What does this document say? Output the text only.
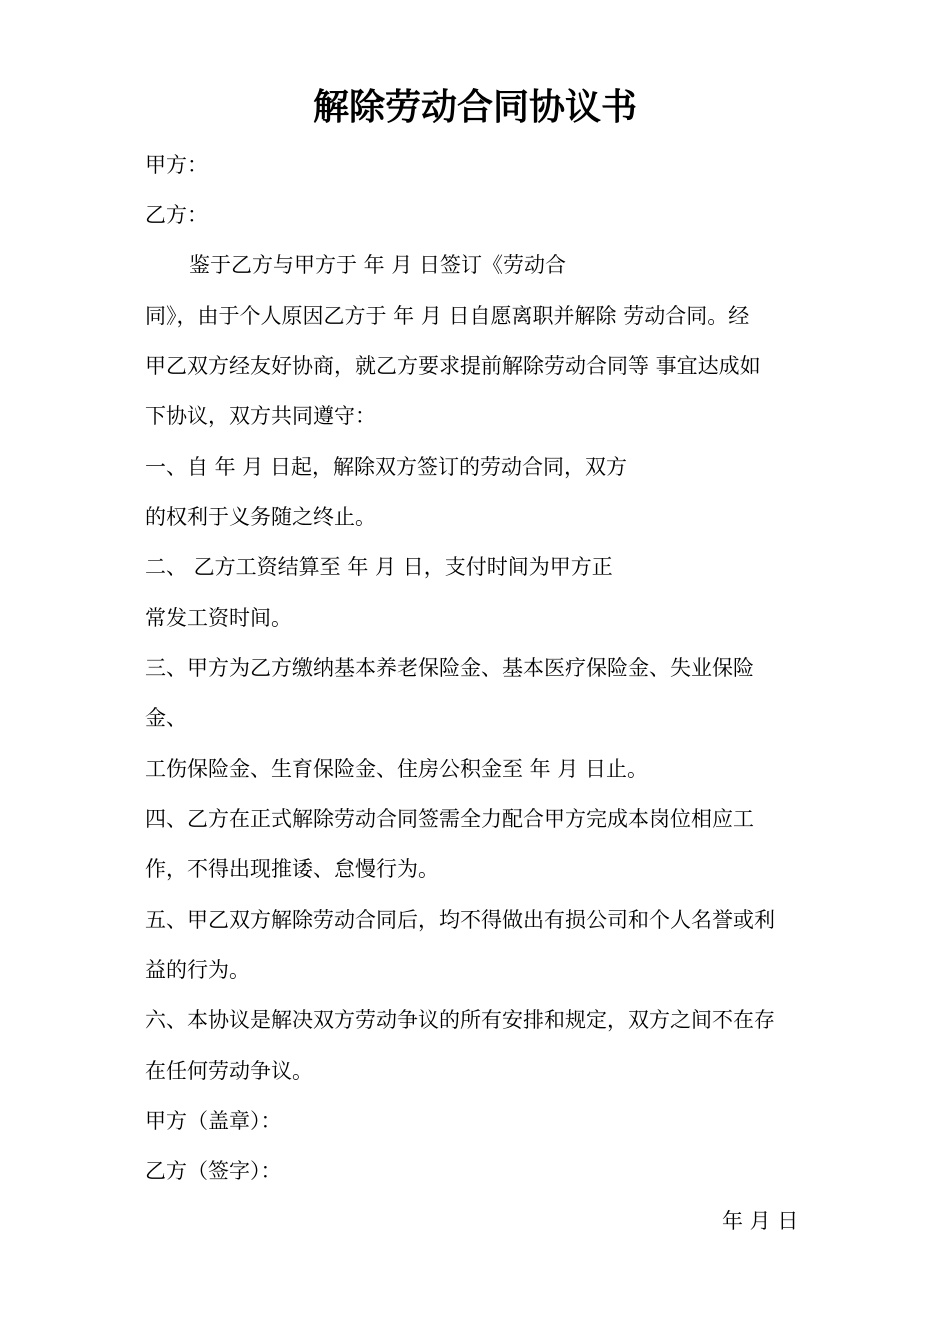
解除劳动合同协议书
甲方：
乙方：
鉴于乙方与甲方于 年 月 日签订《劳动合
同》，由于个人原因乙方于 年 月 日自愿离职并解除 劳动合同。经
甲乙双方经友好协商，就乙方要求提前解除劳动合同等 事宜达成如
下协议，双方共同遵守：
一、自 年 月 日起，解除双方签订的劳动合同，双方
的权利于义务随之终止。
二、 乙方工资结算至 年 月 日，支付时间为甲方正
常发工资时间。
三、甲方为乙方缴纳基本养老保险金、基本医疗保险金、失业保险
金、
工伤保险金、生育保险金、住房公积金至 年 月 日止。
四、乙方在正式解除劳动合同签需全力配合甲方完成本岗位相应工
作，不得出现推诿、怠慢行为。
五、甲乙双方解除劳动合同后，均不得做出有损公司和个人名誉或利
益的行为。
六、本协议是解决双方劳动争议的所有安排和规定，双方之间不在存
在任何劳动争议。
甲方（盖章）：
乙方（签字）：
年 月 日
